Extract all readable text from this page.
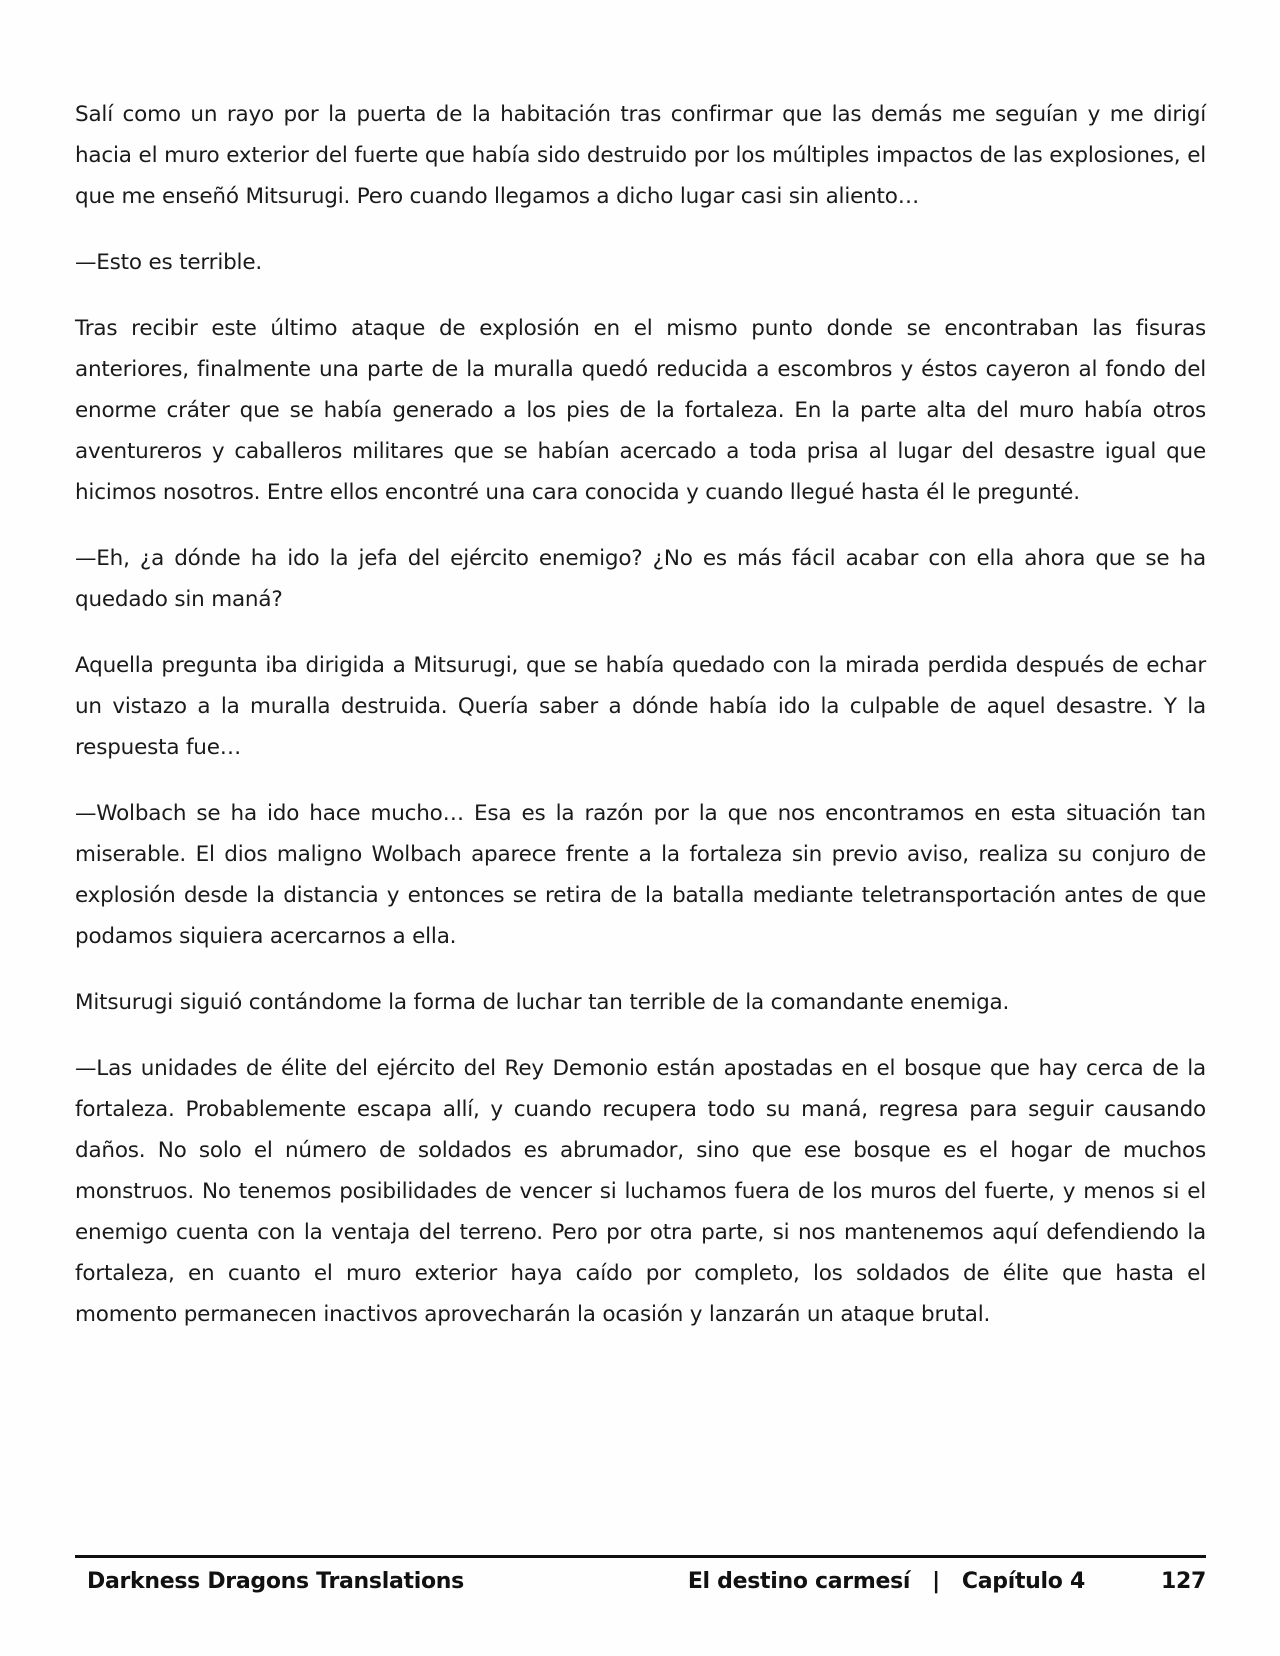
Salí como un rayo por la puerta de la habitación tras confirmar que las demás me seguían y me dirigí hacia el muro exterior del fuerte que había sido destruido por los múltiples impactos de las explosiones, el que me enseñó Mitsurugi. Pero cuando llegamos a dicho lugar casi sin aliento…

—Esto es terrible.

Tras recibir este último ataque de explosión en el mismo punto donde se encontraban las fisuras anteriores, finalmente una parte de la muralla quedó reducida a escombros y éstos cayeron al fondo del enorme cráter que se había generado a los pies de la fortaleza. En la parte alta del muro había otros aventureros y caballeros militares que se habían acercado a toda prisa al lugar del desastre igual que hicimos nosotros. Entre ellos encontré una cara conocida y cuando llegué hasta él le pregunté.

—Eh, ¿a dónde ha ido la jefa del ejército enemigo? ¿No es más fácil acabar con ella ahora que se ha quedado sin maná?

Aquella pregunta iba dirigida a Mitsurugi, que se había quedado con la mirada perdida después de echar un vistazo a la muralla destruida. Quería saber a dónde había ido la culpable de aquel desastre. Y la respuesta fue…

—Wolbach se ha ido hace mucho… Esa es la razón por la que nos encontramos en esta situación tan miserable. El dios maligno Wolbach aparece frente a la fortaleza sin previo aviso, realiza su conjuro de explosión desde la distancia y entonces se retira de la batalla mediante teletransportación antes de que podamos siquiera acercarnos a ella.

Mitsurugi siguió contándome la forma de luchar tan terrible de la comandante enemiga.

—Las unidades de élite del ejército del Rey Demonio están apostadas en el bosque que hay cerca de la fortaleza. Probablemente escapa allí, y cuando recupera todo su maná, regresa para seguir causando daños. No solo el número de soldados es abrumador, sino que ese bosque es el hogar de muchos monstruos. No tenemos posibilidades de vencer si luchamos fuera de los muros del fuerte, y menos si el enemigo cuenta con la ventaja del terreno. Pero por otra parte, si nos mantenemos aquí defendiendo la fortaleza, en cuanto el muro exterior haya caído por completo, los soldados de élite que hasta el momento permanecen inactivos aprovecharán la ocasión y lanzarán un ataque brutal.

Darkness Dragons Translations	El destino carmesí | Capítulo 4	127
